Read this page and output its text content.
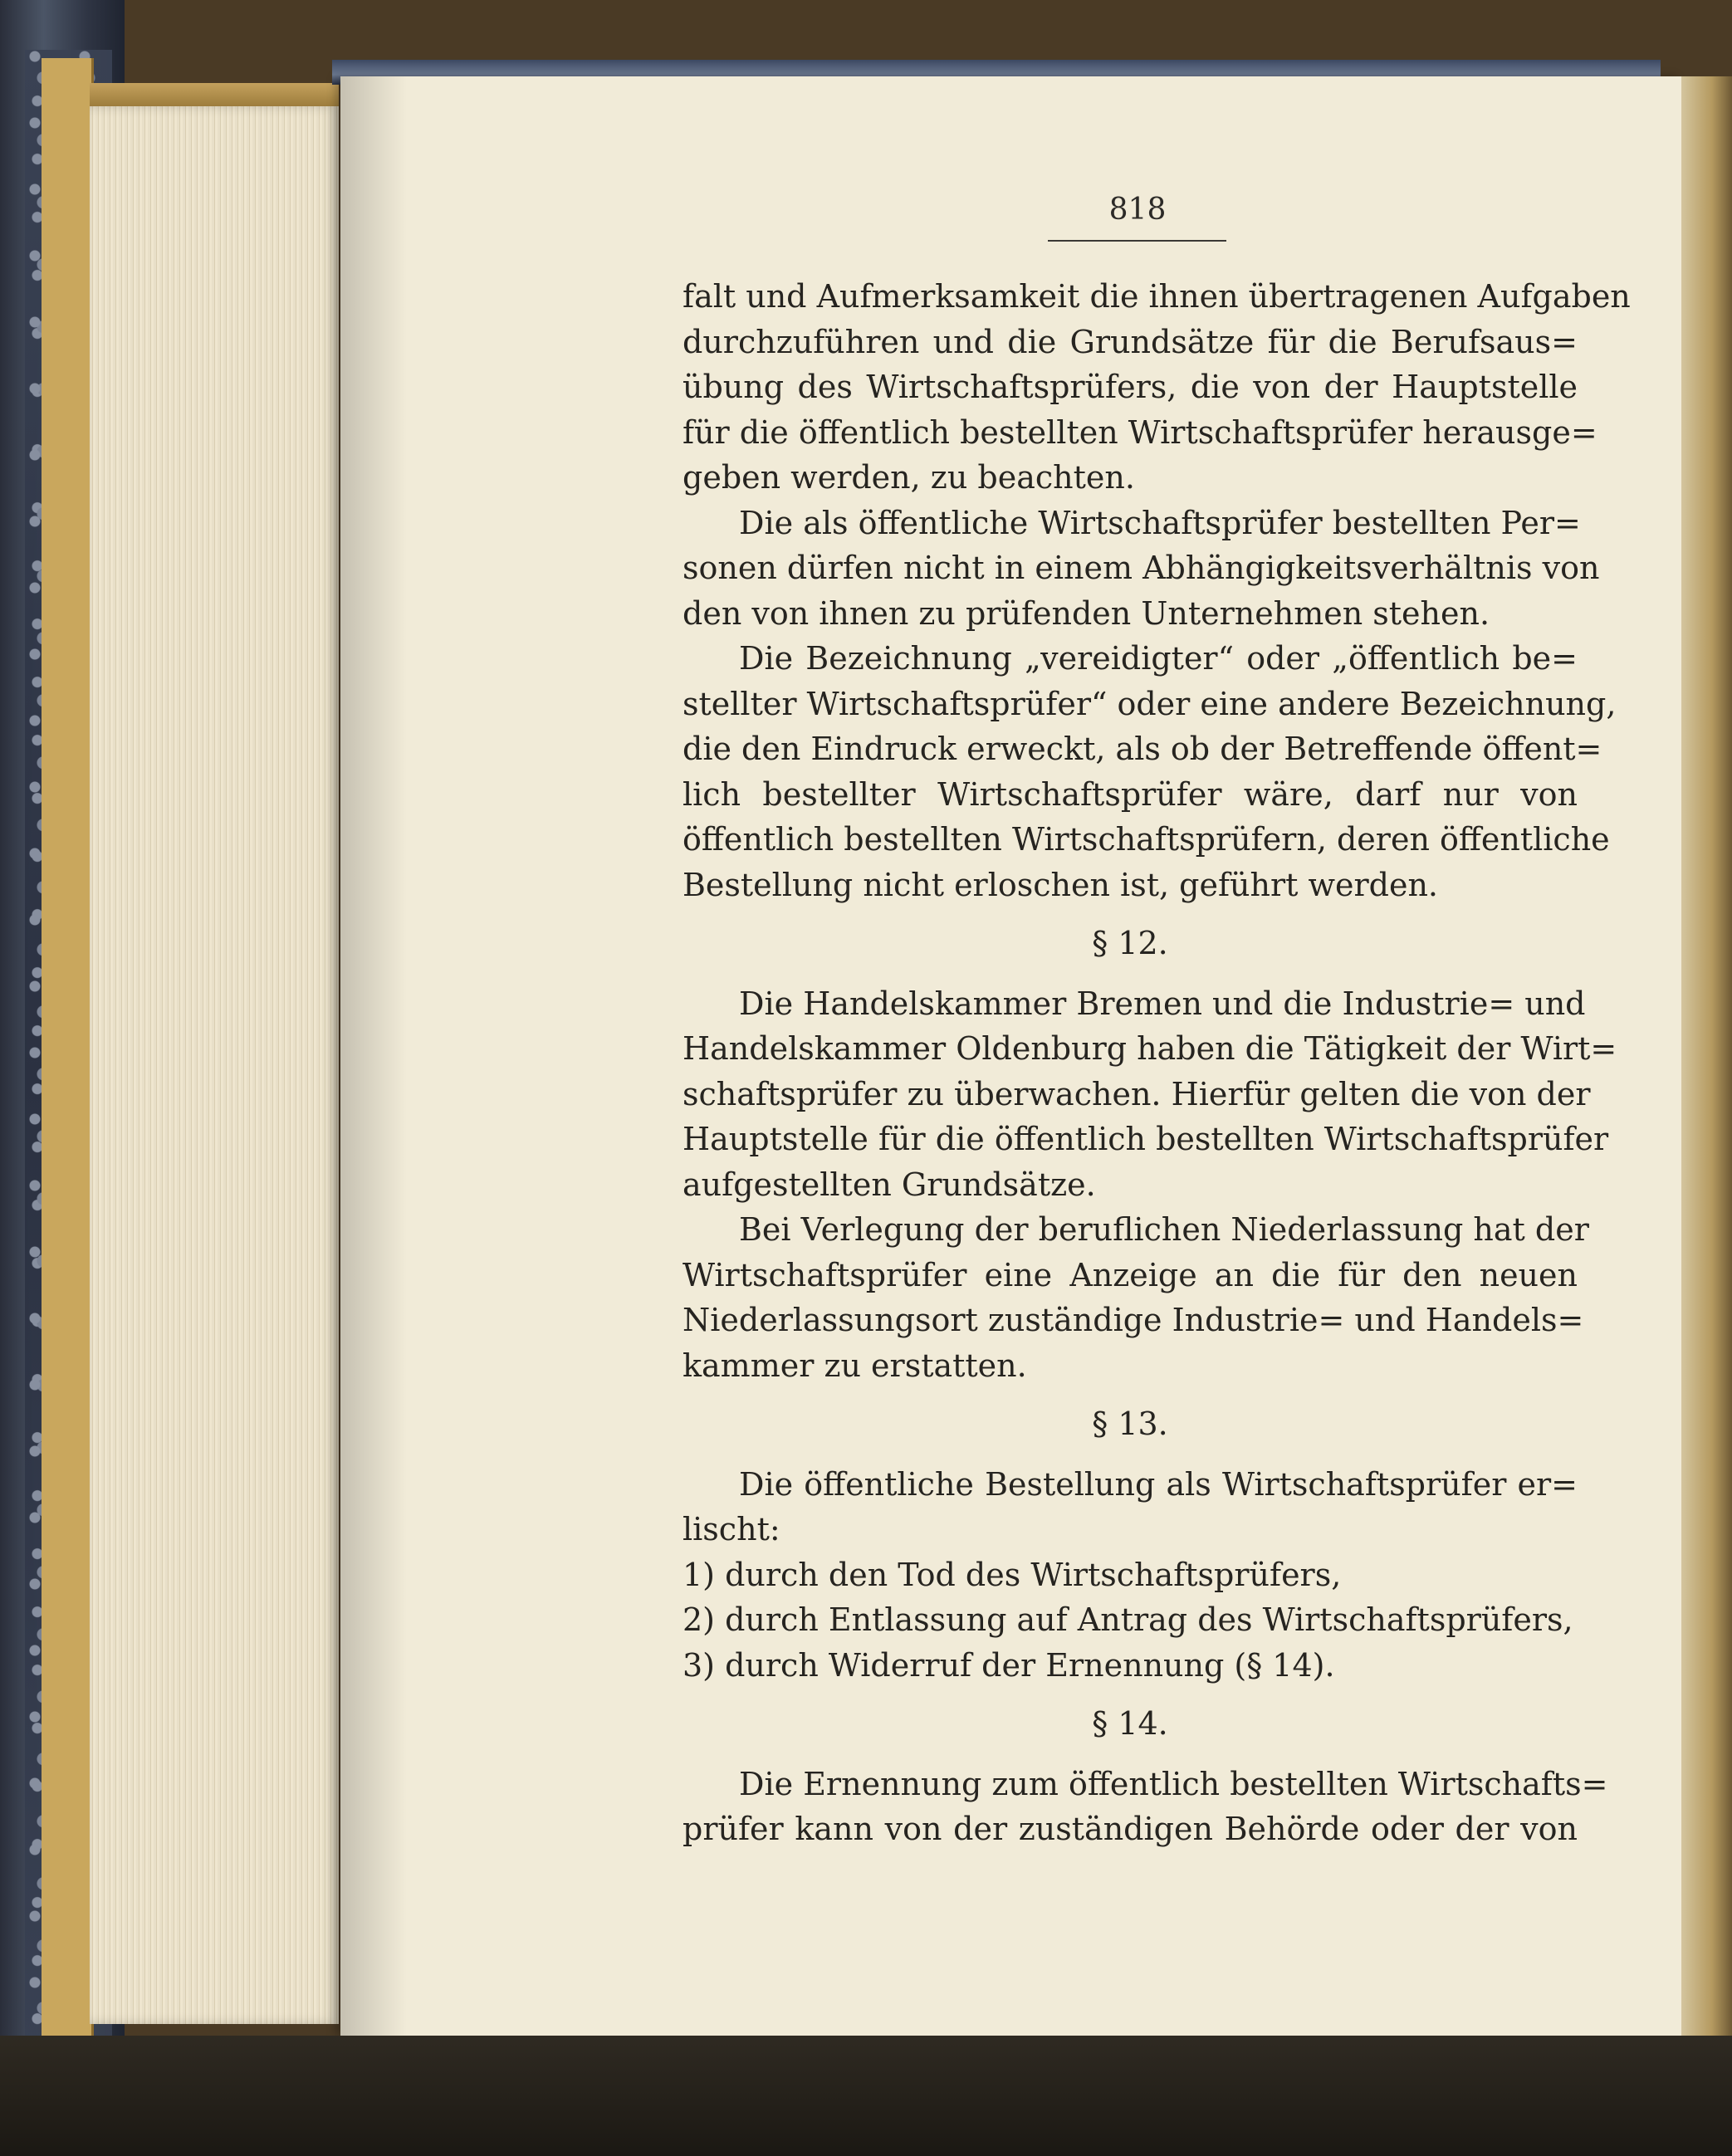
818
falt und Aufmerksamkeit die ihnen übertragenen Aufgaben
durchzuführen und die Grundsätze für die Berufsaus=
übung des Wirtschaftsprüfers, die von der Hauptstelle
für die öffentlich bestellten Wirtschaftsprüfer herausge=
geben werden, zu beachten.
Die als öffentliche Wirtschaftsprüfer bestellten Per=
sonen dürfen nicht in einem Abhängigkeitsverhältnis von
den von ihnen zu prüfenden Unternehmen stehen.
Die Bezeichnung „vereidigter“ oder „öffentlich be=
stellter Wirtschaftsprüfer“ oder eine andere Bezeichnung,
die den Eindruck erweckt, als ob der Betreffende öffent=
lich bestellter Wirtschaftsprüfer wäre, darf nur von
öffentlich bestellten Wirtschaftsprüfern, deren öffentliche
Bestellung nicht erloschen ist, geführt werden.
§ 12.
Die Handelskammer Bremen und die Industrie= und
Handelskammer Oldenburg haben die Tätigkeit der Wirt=
schaftsprüfer zu überwachen. Hierfür gelten die von der
Hauptstelle für die öffentlich bestellten Wirtschaftsprüfer
aufgestellten Grundsätze.
Bei Verlegung der beruflichen Niederlassung hat der
Wirtschaftsprüfer eine Anzeige an die für den neuen
Niederlassungsort zuständige Industrie= und Handels=
kammer zu erstatten.
§ 13.
Die öffentliche Bestellung als Wirtschaftsprüfer er=
lischt:
1) durch den Tod des Wirtschaftsprüfers,
2) durch Entlassung auf Antrag des Wirtschaftsprüfers,
3) durch Widerruf der Ernennung (§ 14).
§ 14.
Die Ernennung zum öffentlich bestellten Wirtschafts=
prüfer kann von der zuständigen Behörde oder der von
